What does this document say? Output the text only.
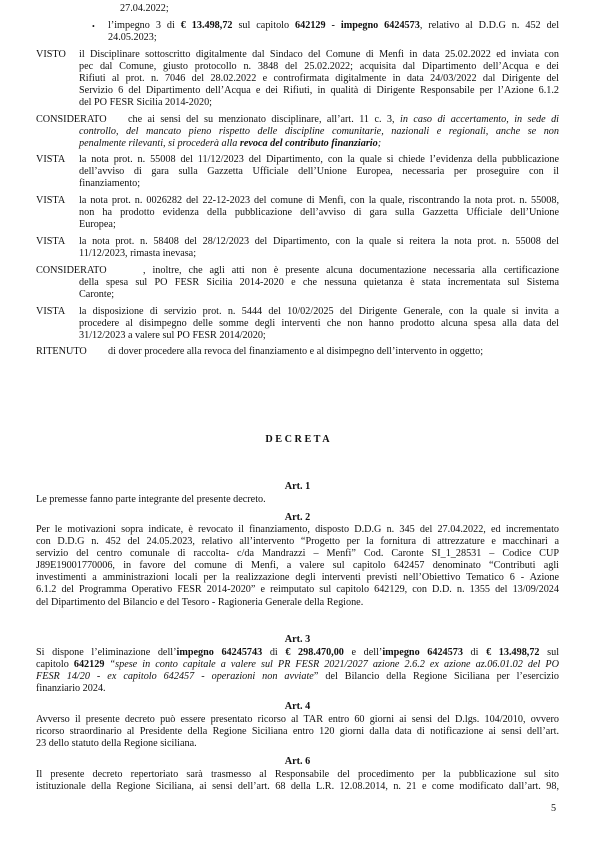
27.04.2022;
• l’impegno 3 di € 13.498,72 sul capitolo 642129 - impegno 6424573, relativo al D.D.G n. 452 del
24.05.2023;
VISTO il Disciplinare sottoscritto digitalmente dal Sindaco del Comune di Menfi in data 25.02.2022 ed inviata con
pec dal Comune, giusto protocollo n. 3848 del 25.02.2022; acquisita dal Dipartimento dell’Acqua e dei
Rifiuti al prot. n. 7046 del 28.02.2022 e controfirmata digitalmente in data 24/03/2022 dal Dirigente del
Servizio 6 del Dipartimento dell’Acqua e dei Rifiuti, in qualità di Dirigente Responsabile per l’Azione 6.1.2
del PO FESR Sicilia 2014-2020;
CONSIDERATO che ai sensi del su menzionato disciplinare, all’art. 11 c. 3, in caso di accertamento, in sede di
controllo, del mancato pieno rispetto delle discipline comunitarie, nazionali e regionali, anche se non
penalmente rilevanti, si procederà alla revoca del contributo finanziario;
VISTA la nota prot. n. 55008 del 11/12/2023 del Dipartimento, con la quale si chiede l’evidenza della pubblicazione
dell’avviso di gara sulla Gazzetta Ufficiale dell’Unione Europea, necessaria per proseguire con il
finanziamento;
VISTA la nota prot. n. 0026282 del 22-12-2023 del comune di Menfi, con la quale, riscontrando la nota prot. n. 55008,
non ha prodotto evidenza della pubblicazione dell’avviso di gara sulla Gazzetta Ufficiale dell’Unione
Europea;
VISTA la nota prot. n. 58408 del 28/12/2023 del Dipartimento, con la quale si reitera la nota prot. n. 55008 del
11/12/2023, rimasta inevasa;
CONSIDERATO	, inoltre, che agli atti non è presente alcuna documentazione necessaria alla certificazione
della spesa sul PO FESR Sicilia 2014-2020 e che nessuna quietanza è stata incrementata sul Sistema
Caronte;
VISTA la disposizione di servizio prot. n. 5444 del 10/02/2025 del Dirigente Generale, con la quale si invita a
procedere al disimpegno delle somme degli interventi che non hanno prodotto alcuna spesa alla data del
31/12/2023 a valere sul PO FESR 2014/2020;
RITENUTO di dover procedere alla revoca del finanziamento e al disimpegno dell’intervento in oggetto;
D E C R E T A
Art. 1
Le premesse fanno parte integrante del presente decreto.
Art. 2
Per le motivazioni sopra indicate, è revocato il finanziamento, disposto D.D.G n. 345 del 27.04.2022, ed incrementato
con D.D.G n. 452 del 24.05.2023, relativo all’intervento “Progetto per la fornitura di attrezzature e macchinari a
servizio del centro comunale di raccolta- c/da Mandrazzi – Menfi” Cod. Caronte SI_1_28531 – Codice CUP
J89E19001770006, in favore del comune di Menfi, a valere sul capitolo 642457 denominato “Contributi agli
investimenti a amministrazioni locali per la realizzazione degli interventi previsti nell’Obiettivo Tematico 6 - Azione
6.1.2 del Programma Operativo FESR 2014-2020” e reimputato sul capitolo 642129, con D.D. n. 1355 del 13/09/2024
del Dipartimento del Bilancio e del Tesoro - Ragioneria Generale della Regione.
Art. 3
Si dispone l’eliminazione dell’impegno 64245743 di € 298.470,00 e dell’impegno 6424573 di € 13.498,72 sul
capitolo 642129 “spese in conto capitale a valere sul PR FESR 2021/2027 azione 2.6.2 ex azione az.06.01.02 del PO
FESR 14/20 - ex capitolo 642457 - operazioni non avviate” del Bilancio della Regione Siciliana per l’esercizio
finanziario 2024.
Art. 4
Avverso il presente decreto può essere presentato ricorso al TAR entro 60 giorni ai sensi del D.lgs. 104/2010, ovvero
ricorso straordinario al Presidente della Regione Siciliana entro 120 giorni dalla data di notificazione ai sensi dell’art.
23 dello statuto della Regione siciliana.
Art. 6
Il presente decreto repertoriato sarà trasmesso al Responsabile del procedimento per la pubblicazione sul sito
istituzionale della Regione Siciliana, ai sensi dell’art. 68 della L.R. 12.08.2014, n. 21 e come modificato dall’art. 98,
5
